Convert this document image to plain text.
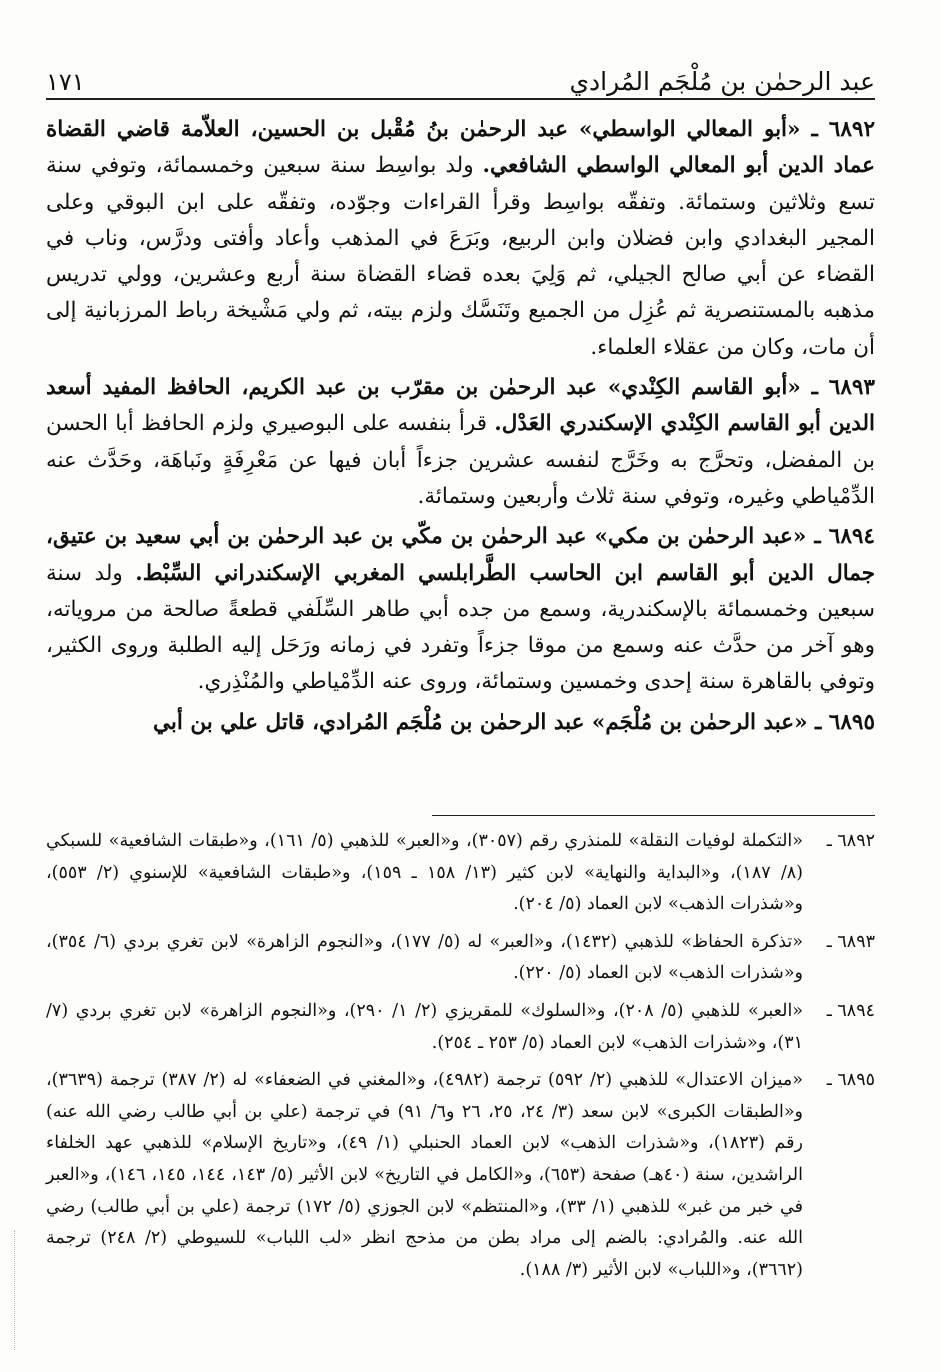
عبد الرحمٰن بن مُلْجَم المُرادي
١٧١

٦٨٩٢ ـ «أبو المعالي الواسطي» عبد الرحمٰن بنُ مُقْبل بن الحسين، العلاّمة قاضي القضاة عماد الدين أبو المعالي الواسطي الشافعي. ولد بواسِط سنة سبعين وخمسمائة، وتوفي سنة تسع وثلاثين وستمائة. وتفقّه بواسِط وقرأ القراءات وجوّده، وتفقّه على ابن البوقي وعلى المجير البغدادي وابن فضلان وابن الربيع، وبَرَعَ في المذهب وأعاد وأفتى ودرَّس، وناب في القضاء عن أبي صالح الجيلي، ثم وَلِيَ بعده قضاء القضاة سنة أربع وعشرين، وولي تدريس مذهبه بالمستنصرية ثم عُزِل من الجميع وتَنَسَّك ولزم بيته، ثم ولي مَشْيخة رباط المرزبانية إلى أن مات، وكان من عقلاء العلماء.

٦٨٩٣ ـ «أبو القاسم الكِنْدي» عبد الرحمٰن بن مقرّب بن عبد الكريم، الحافظ المفيد أسعد الدين أبو القاسم الكِنْدي الإسكندري العَدْل. قرأ بنفسه على البوصيري ولزم الحافظ أبا الحسن بن المفضل، وتحرَّج به وخَرَّج لنفسه عشرين جزءاً أبان فيها عن مَعْرِفَةٍ ونَباهَة، وحَدَّث عنه الدِّمْياطي وغيره، وتوفي سنة ثلاث وأربعين وستمائة.

٦٨٩٤ ـ «عبد الرحمٰن بن مكي» عبد الرحمٰن بن مكّي بن عبد الرحمٰن بن أبي سعيد بن عتيق، جمال الدين أبو القاسم ابن الحاسب الطَّرابلسي المغربي الإسكندراني السِّبْط. ولد سنة سبعين وخمسمائة بالإسكندرية، وسمع من جده أبي طاهر السِّلَفي قطعةً صالحة من مروياته، وهو آخر من حدَّث عنه وسمع من موقا جزءاً وتفرد في زمانه ورَحَل إليه الطلبة وروى الكثير، وتوفي بالقاهرة سنة إحدى وخمسين وستمائة، وروى عنه الدِّمْياطي والمُنْذِري.

٦٨٩٥ ـ «عبد الرحمٰن بن مُلْجَم» عبد الرحمٰن بن مُلْجَم المُرادي، قاتل علي بن أبي

٦٨٩٢ ـ
«التكملة لوفيات النقلة» للمنذري رقم (٣٠٥٧)، و«العبر» للذهبي (٥/ ١٦١)، و«طبقات الشافعية» للسبكي (٨/ ١٨٧)، و«البداية والنهاية» لابن كثير (١٣/ ١٥٨ ـ ١٥٩)، و«طبقات الشافعية» للإسنوي (٢/ ٥٥٣)، و«شذرات الذهب» لابن العماد (٥/ ٢٠٤).
٦٨٩٣ ـ
«تذكرة الحفاظ» للذهبي (١٤٣٢)، و«العبر» له (٥/ ١٧٧)، و«النجوم الزاهرة» لابن تغري بردي (٦/ ٣٥٤)، و«شذرات الذهب» لابن العماد (٥/ ٢٢٠).
٦٨٩٤ ـ
«العبر» للذهبي (٥/ ٢٠٨)، و«السلوك» للمقريزي (٢/ ١/ ٢٩٠)، و«النجوم الزاهرة» لابن تغري بردي (٧/ ٣١)، و«شذرات الذهب» لابن العماد (٥/ ٢٥٣ ـ ٢٥٤).
٦٨٩٥ ـ
«ميزان الاعتدال» للذهبي (٢/ ٥٩٢) ترجمة (٤٩٨٢)، و«المغني في الضعفاء» له (٢/ ٣٨٧) ترجمة (٣٦٣٩)، و«الطبقات الكبرى» لابن سعد (٣/ ٢٤، ٢٥، ٢٦ و٦/ ٩١) في ترجمة (علي بن أبي طالب رضي الله عنه) رقم (١٨٢٣)، و«شذرات الذهب» لابن العماد الحنبلي (١/ ٤٩)، و«تاريخ الإسلام» للذهبي عهد الخلفاء الراشدين، سنة (٤٠هـ) صفحة (٦٥٣)، و«الكامل في التاريخ» لابن الأثير (٥/ ١٤٣، ١٤٤، ١٤٥، ١٤٦)، و«العبر في خبر من غبر» للذهبي (١/ ٣٣)، و«المنتظم» لابن الجوزي (٥/ ١٧٢) ترجمة (علي بن أبي طالب) رضي الله عنه. والمُرادي: بالضم إلى مراد بطن من مذحج انظر «لب اللباب» للسيوطي (٢/ ٢٤٨) ترجمة (٣٦٦٢)، و«اللباب» لابن الأثير (٣/ ١٨٨).
